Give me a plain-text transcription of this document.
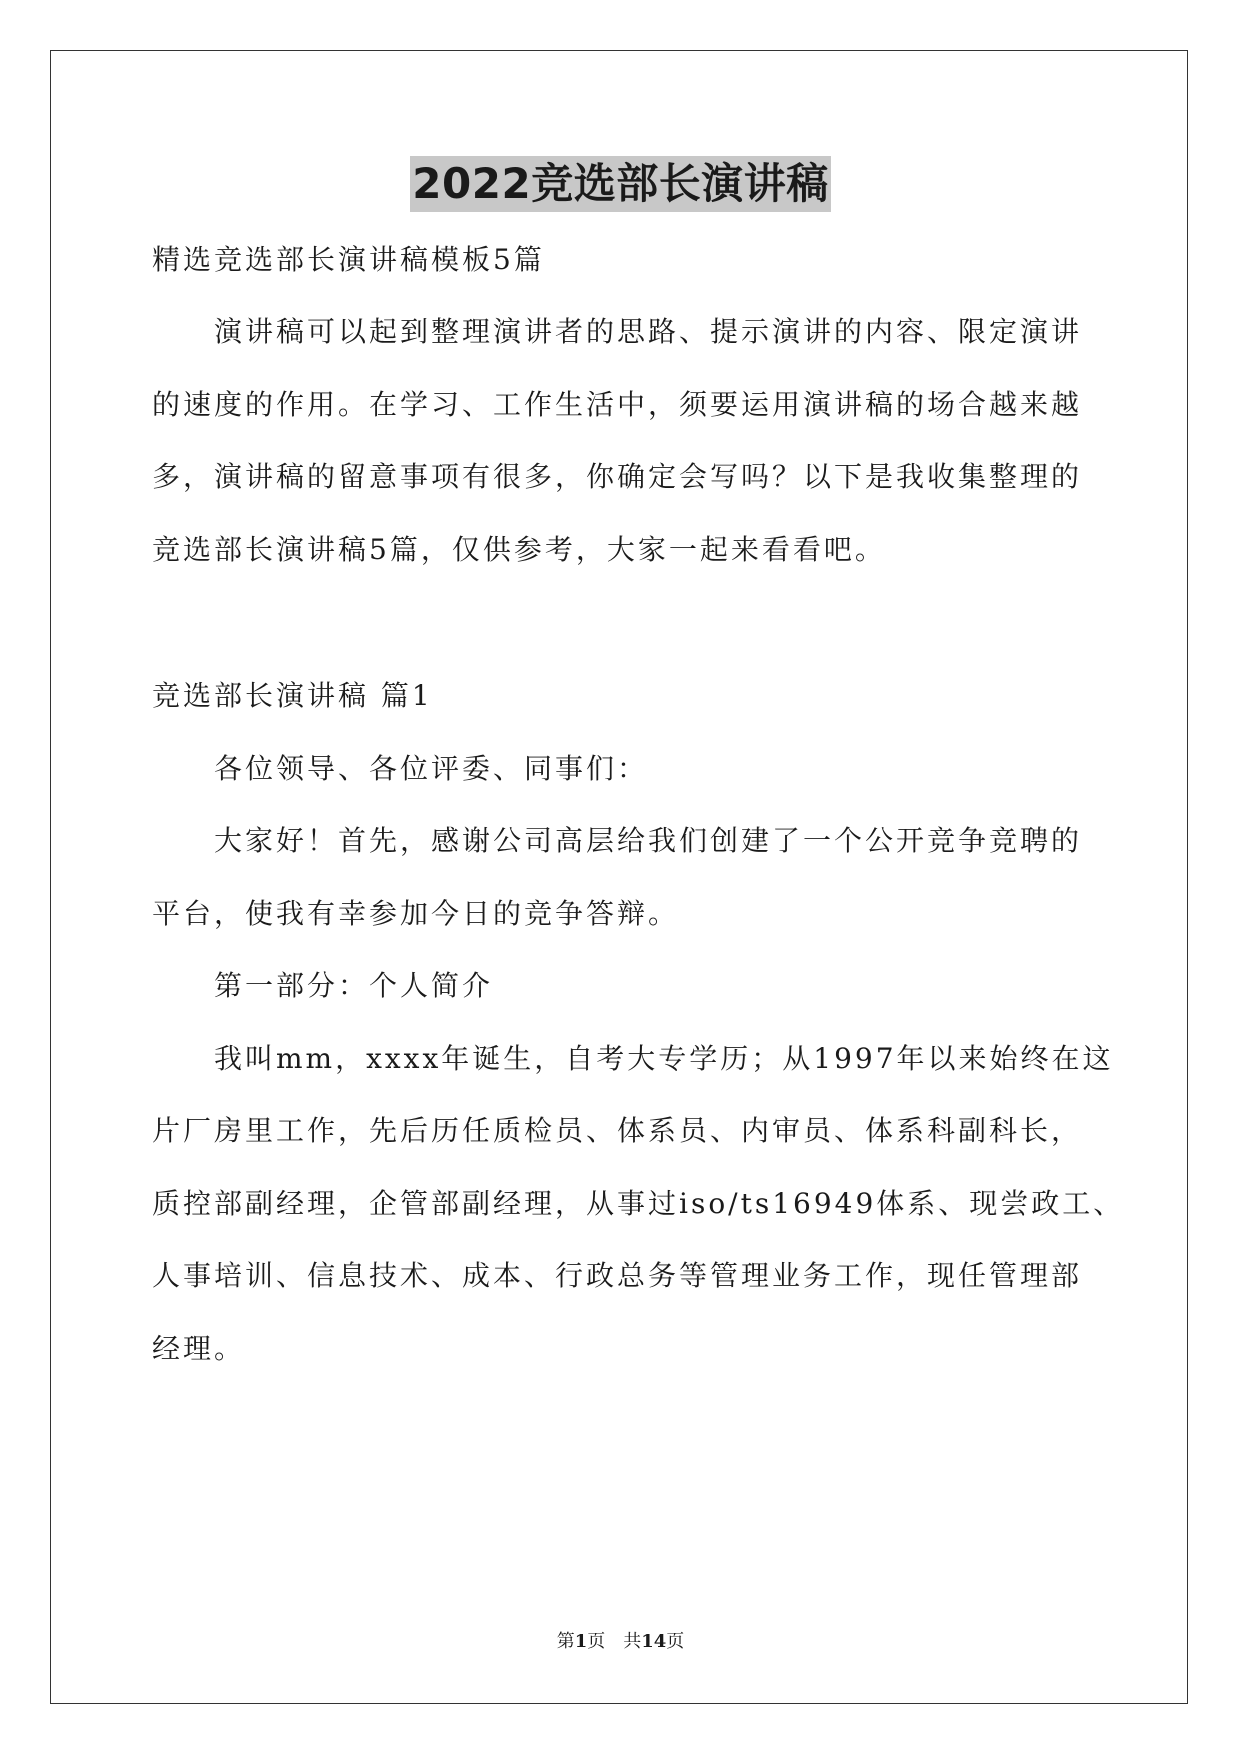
2022竞选部长演讲稿
精选竞选部长演讲稿模板5篇
演讲稿可以起到整理演讲者的思路、提示演讲的内容、限定演讲
的速度的作用。在学习、工作生活中，须要运用演讲稿的场合越来越
多，演讲稿的留意事项有很多，你确定会写吗？以下是我收集整理的
竞选部长演讲稿5篇，仅供参考，大家一起来看看吧。
竞选部长演讲稿 篇1
各位领导、各位评委、同事们：
大家好！首先，感谢公司高层给我们创建了一个公开竞争竞聘的
平台，使我有幸参加今日的竞争答辩。
第一部分：个人简介
我叫mm，xxxx年诞生，自考大专学历；从1997年以来始终在这
片厂房里工作，先后历任质检员、体系员、内审员、体系科副科长，
质控部副经理，企管部副经理，从事过iso/ts16949体系、现尝政工、
人事培训、信息技术、成本、行政总务等管理业务工作，现任管理部
经理。
第1页　共14页
